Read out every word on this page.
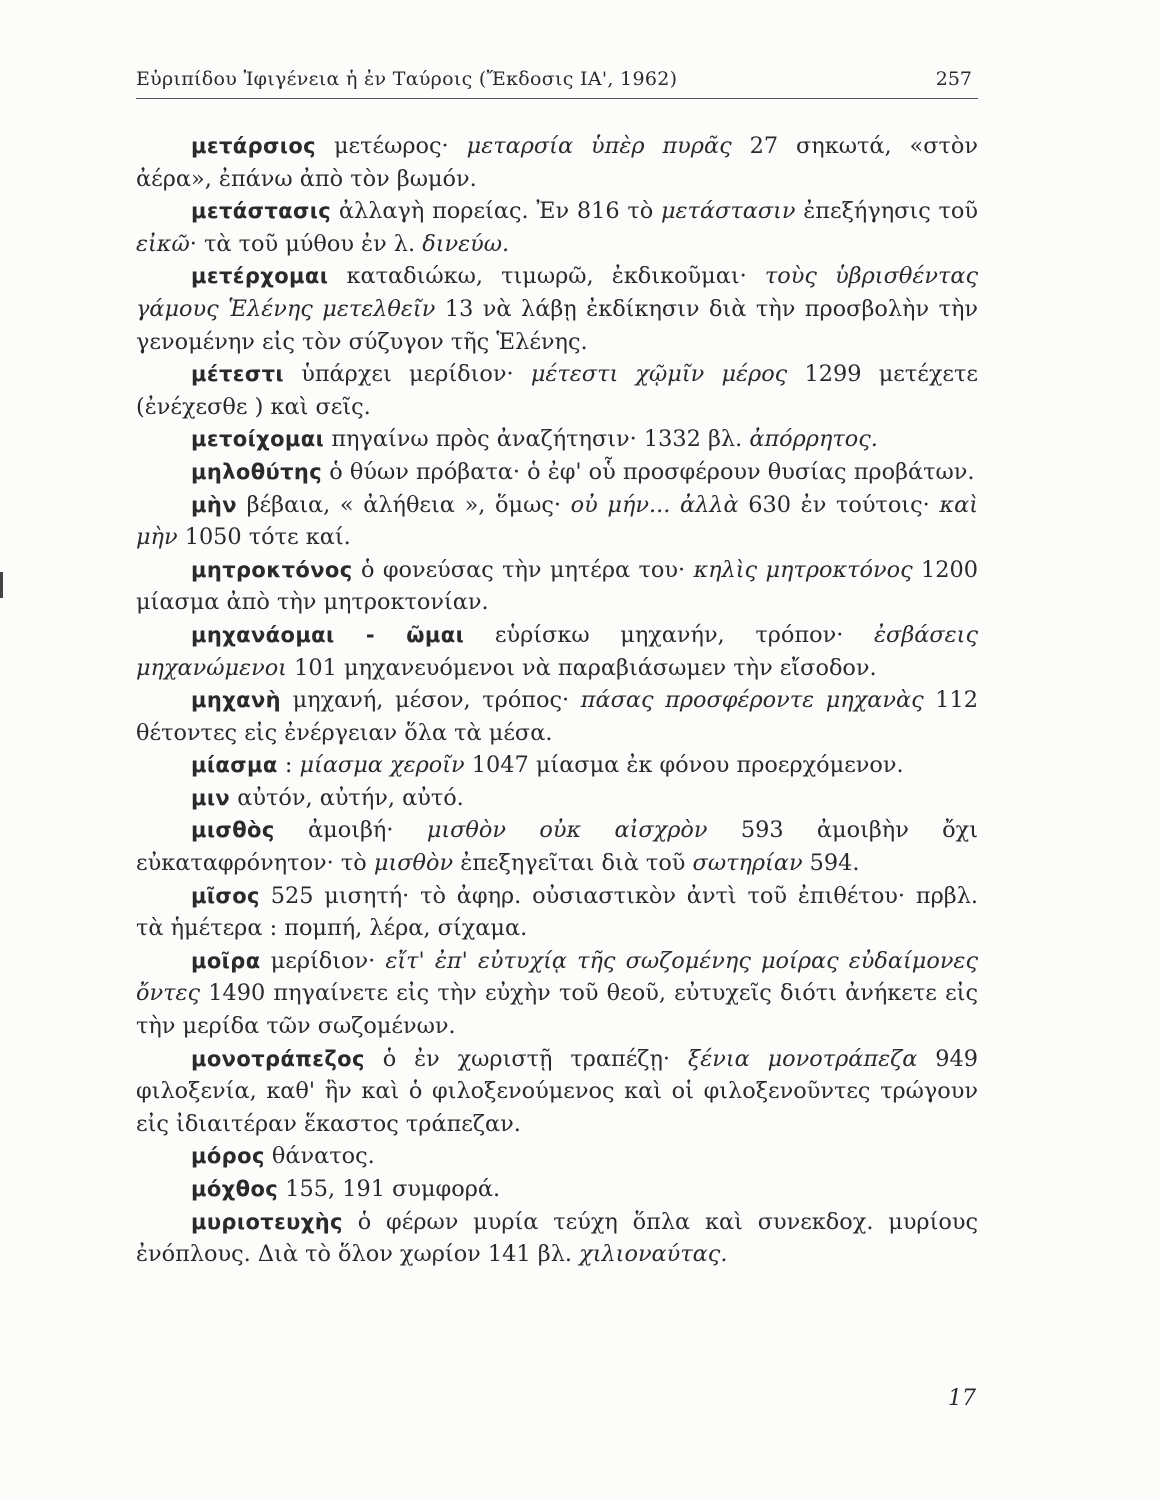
Εὐριπίδου Ἰφιγένεια ἡ ἐν Ταύροις (Ἔκδοσις ΙΑ', 1962)	257

μετάρσιος μετέωρος· μεταρσία ὑπὲρ πυρᾶς 27 σηκωτά, «στὸν ἀέρα», ἐπάνω ἀπὸ τὸν βωμόν.

μετάστασις ἀλλαγὴ πορείας. Ἐν 816 τὸ μετάστασιν ἐπεξήγησις τοῦ εἰκῶ· τὰ τοῦ μύθου ἐν λ. δινεύω.

μετέρχομαι καταδιώκω, τιμωρῶ, ἐκδικοῦμαι· τοὺς ὑβρισθέντας γάμους Ἑλένης μετελθεῖν 13 νὰ λάβῃ ἐκδίκησιν διὰ τὴν προσβολὴν τὴν γενομένην εἰς τὸν σύζυγον τῆς Ἑλένης.

μέτεστι ὑπάρχει μερίδιον· μέτεστι χῷμῖν μέρος 1299 μετέχετε (ἐνέχεσθε ) καὶ σεῖς.

μετοίχομαι πηγαίνω πρὸς ἀναζήτησιν· 1332 βλ. ἀπόρρητος.

μηλοθύτης ὁ θύων πρόβατα· ὁ ἐφ' οὗ προσφέρουν θυσίας προβάτων.

μὴν βέβαια, « ἀλήθεια », ὅμως· οὐ μήν... ἀλλὰ 630 ἐν τούτοις· καὶ μὴν 1050 τότε καί.

μητροκτόνος ὁ φονεύσας τὴν μητέρα του· κηλὶς μητροκτόνος 1200 μίασμα ἀπὸ τὴν μητροκτονίαν.

μηχανάομαι - ῶμαι εὑρίσκω μηχανήν, τρόπον· ἐσβάσεις μηχανώμενοι 101 μηχανευόμενοι νὰ παραβιάσωμεν τὴν εἴσοδον.

μηχανὴ μηχανή, μέσον, τρόπος· πάσας προσφέροντε μηχανὰς 112 θέτοντες εἰς ἐνέργειαν ὅλα τὰ μέσα.

μίασμα : μίασμα χεροῖν 1047 μίασμα ἐκ φόνου προερχόμενον.

μιν αὐτόν, αὐτήν, αὐτό.

μισθὸς ἀμοιβή· μισθὸν οὐκ αἰσχρὸν 593 ἀμοιβὴν ὄχι εὐκαταφρόνητον· τὸ μισθὸν ἐπεξηγεῖται διὰ τοῦ σωτηρίαν 594.

μῖσος 525 μισητή· τὸ ἀφηρ. οὐσιαστικὸν ἀντὶ τοῦ ἐπιθέτου· πρβλ. τὰ ἡμέτερα : πομπή, λέρα, σίχαμα.

μοῖρα μερίδιον· εἴτ' ἐπ' εὐτυχίᾳ τῆς σωζομένης μοίρας εὐδαίμονες ὄντες 1490 πηγαίνετε εἰς τὴν εὐχὴν τοῦ θεοῦ, εὐτυχεῖς διότι ἀνήκετε εἰς τὴν μερίδα τῶν σωζομένων.

μονοτράπεζος ὁ ἐν χωριστῇ τραπέζῃ· ξένια μονοτράπεζα 949 φιλοξενία, καθ' ἣν καὶ ὁ φιλοξενούμενος καὶ οἱ φιλοξενοῦντες τρώγουν εἰς ἰδιαιτέραν ἕκαστος τράπεζαν.

μόρος θάνατος.

μόχθος 155, 191 συμφορά.

μυριοτευχὴς ὁ φέρων μυρία τεύχη ὅπλα καὶ συνεκδοχ. μυρίους ἐνόπλους. Διὰ τὸ ὅλον χωρίον 141 βλ. χιλιοναύτας.

17
